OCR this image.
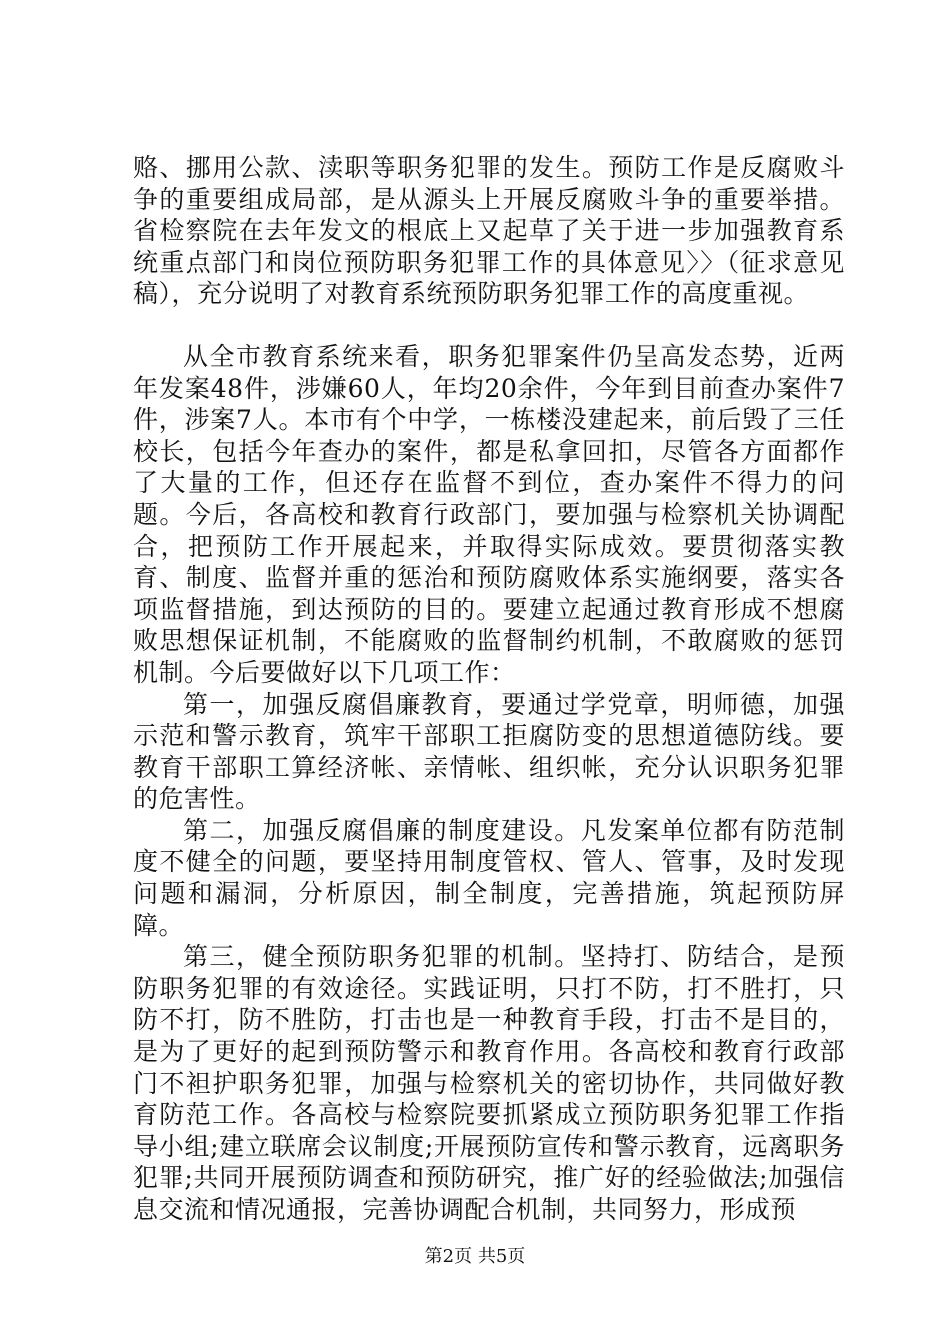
赂、挪用公款、渎职等职务犯罪的发生。预防工作是反腐败斗争的重要组成局部，是从源头上开展反腐败斗争的重要举措。省检察院在去年发文的根底上又起草了关于进一步加强教育系统重点部门和岗位预防职务犯罪工作的具体意见〉〉（征求意见稿），充分说明了对教育系统预防职务犯罪工作的高度重视。

从全市教育系统来看，职务犯罪案件仍呈高发态势，近两年发案48件，涉嫌60人，年均20余件，今年到目前查办案件7件，涉案7人。本市有个中学，一栋楼没建起来，前后毁了三任校长，包括今年查办的案件，都是私拿回扣，尽管各方面都作了大量的工作，但还存在监督不到位，查办案件不得力的问题。今后，各高校和教育行政部门，要加强与检察机关协调配合，把预防工作开展起来，并取得实际成效。要贯彻落实教育、制度、监督并重的惩治和预防腐败体系实施纲要，落实各项监督措施，到达预防的目的。要建立起通过教育形成不想腐败思想保证机制，不能腐败的监督制约机制，不敢腐败的惩罚机制。今后要做好以下几项工作：

第一，加强反腐倡廉教育，要通过学党章，明师德，加强示范和警示教育，筑牢干部职工拒腐防变的思想道德防线。要教育干部职工算经济帐、亲情帐、组织帐，充分认识职务犯罪的危害性。

第二，加强反腐倡廉的制度建设。凡发案单位都有防范制度不健全的问题，要坚持用制度管权、管人、管事，及时发现问题和漏洞，分析原因，制全制度，完善措施，筑起预防屏障。

第三，健全预防职务犯罪的机制。坚持打、防结合，是预防职务犯罪的有效途径。实践证明，只打不防，打不胜打，只防不打，防不胜防，打击也是一种教育手段，打击不是目的，是为了更好的起到预防警示和教育作用。各高校和教育行政部门不袒护职务犯罪，加强与检察机关的密切协作，共同做好教育防范工作。各高校与检察院要抓紧成立预防职务犯罪工作指导小组;建立联席会议制度;开展预防宣传和警示教育，远离职务犯罪;共同开展预防调查和预防研究，推广好的经验做法;加强信息交流和情况通报，完善协调配合机制，共同努力，形成预

第2页 共5页
